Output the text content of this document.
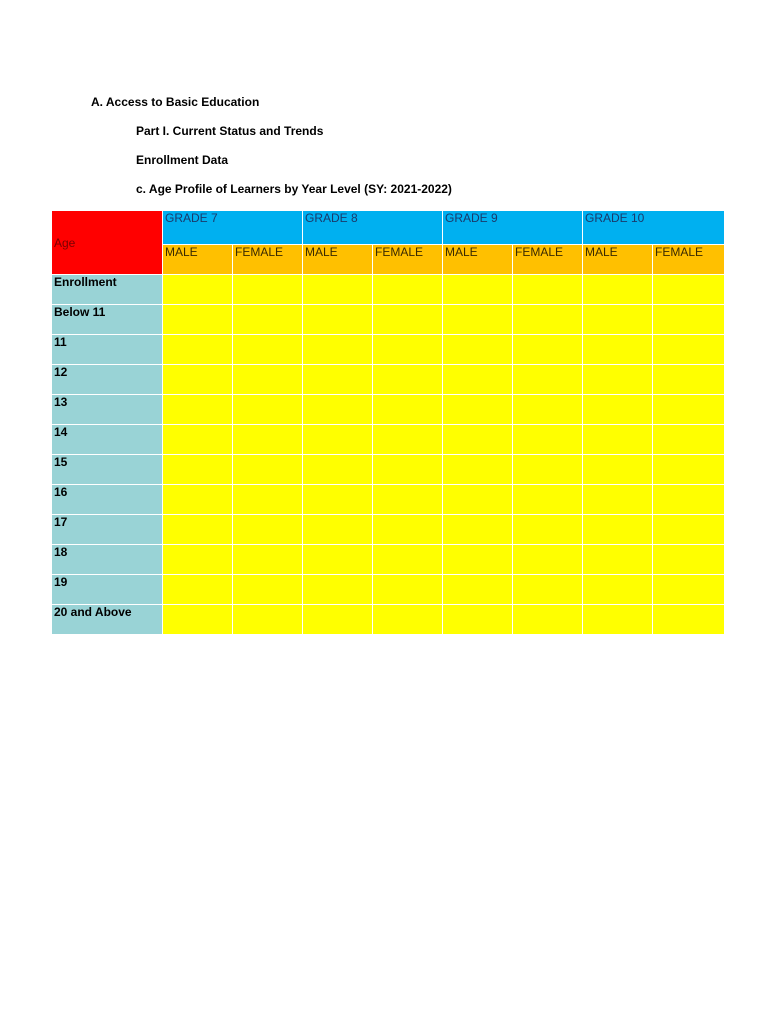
A. Access to Basic Education
Part I. Current Status and Trends
Enrollment Data
c. Age Profile of Learners by Year Level (SY: 2021-2022)
Age	GRADE 7		GRADE 8		GRADE 9		GRADE 10	
	MALE	FEMALE	MALE	FEMALE	MALE	FEMALE	MALE	FEMALE
Enrollment								
Below 11								
11								
12								
13								
14								
15								
16								
17								
18								
19								
20 and Above								
